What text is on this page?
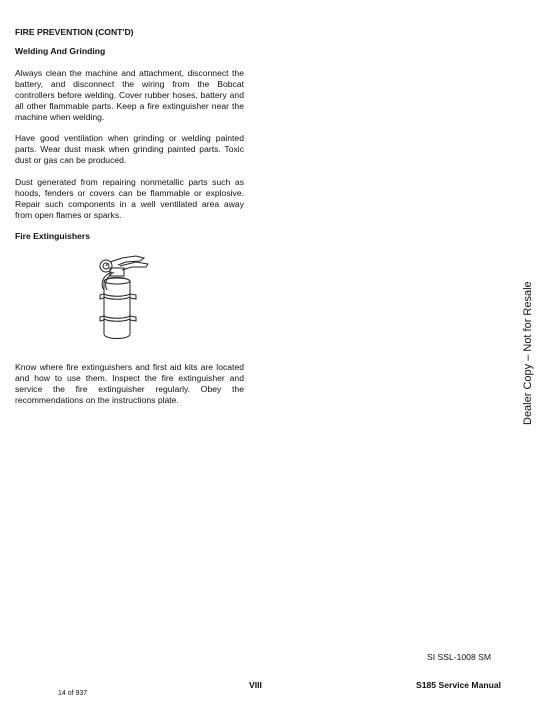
FIRE PREVENTION (CONT'D)
Welding And Grinding
Always clean the machine and attachment, disconnect the battery, and disconnect the wiring from the Bobcat controllers before welding. Cover rubber hoses, battery and all other flammable parts. Keep a fire extinguisher near the machine when welding.
Have good ventilation when grinding or welding painted parts. Wear dust mask when grinding painted parts. Toxic dust or gas can be produced.
Dust generated from repairing nonmetallic parts such as hoods, fenders or covers can be flammable or explosive. Repair such components in a well ventilated area away from open flames or sparks.
Fire Extinguishers
Know where fire extinguishers and first aid kits are located and how to use them. Inspect the fire extinguisher and service the fire extinguisher regularly. Obey the recommendations on the instructions plate.	Dealer Copy – Not for Resale
SI SSL-1008 SM
VIII	S185 Service Manual
14 of 937
